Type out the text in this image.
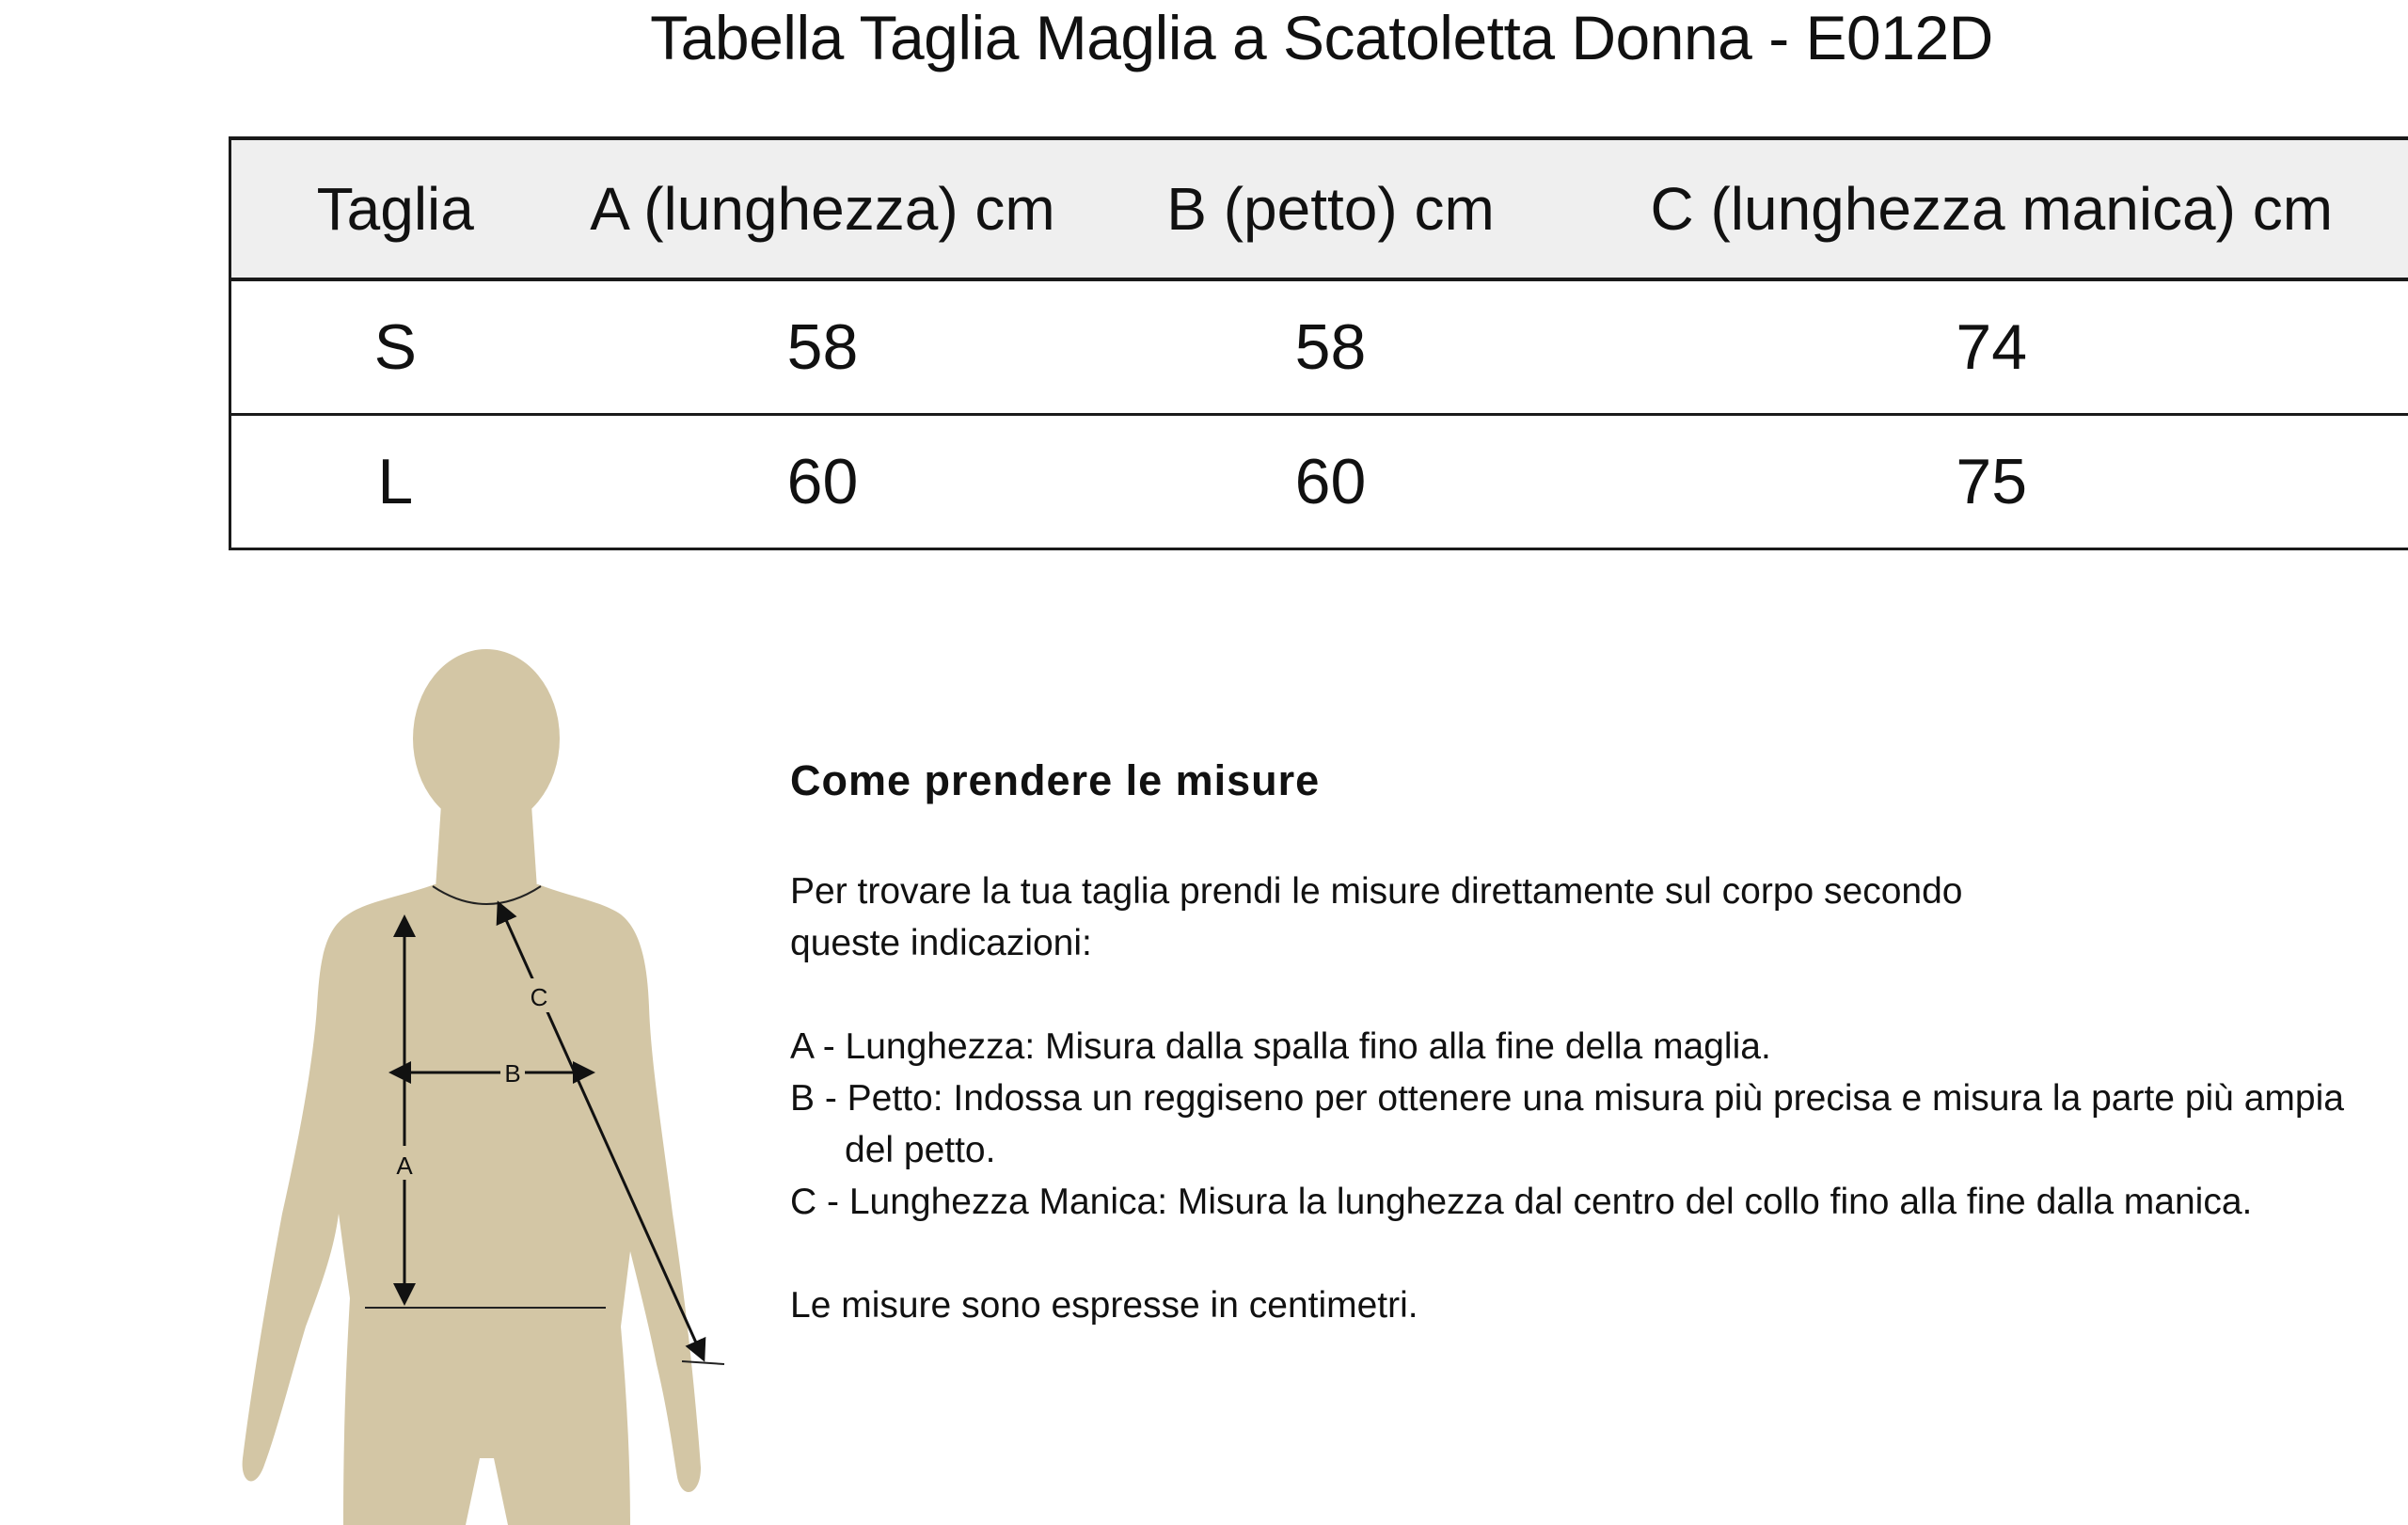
Tabella Taglia Maglia a Scatoletta Donna - E012D
Taglia	A (lunghezza) cm	B (petto) cm	C (lunghezza manica) cm
S	58	58	74
L	60	60	75
A
B
C
Come prendere le misure

Per trovare la tua taglia prendi le misure direttamente sul corpo secondo
queste indicazioni:

A - Lunghezza: Misura dalla spalla fino alla fine della maglia.

B - Petto: Indossa un reggiseno per ottenere una misura più precisa e misura la parte più ampia del petto.

C - Lunghezza Manica: Misura la lunghezza dal centro del collo fino alla fine dalla manica.

Le misure sono espresse in centimetri.
